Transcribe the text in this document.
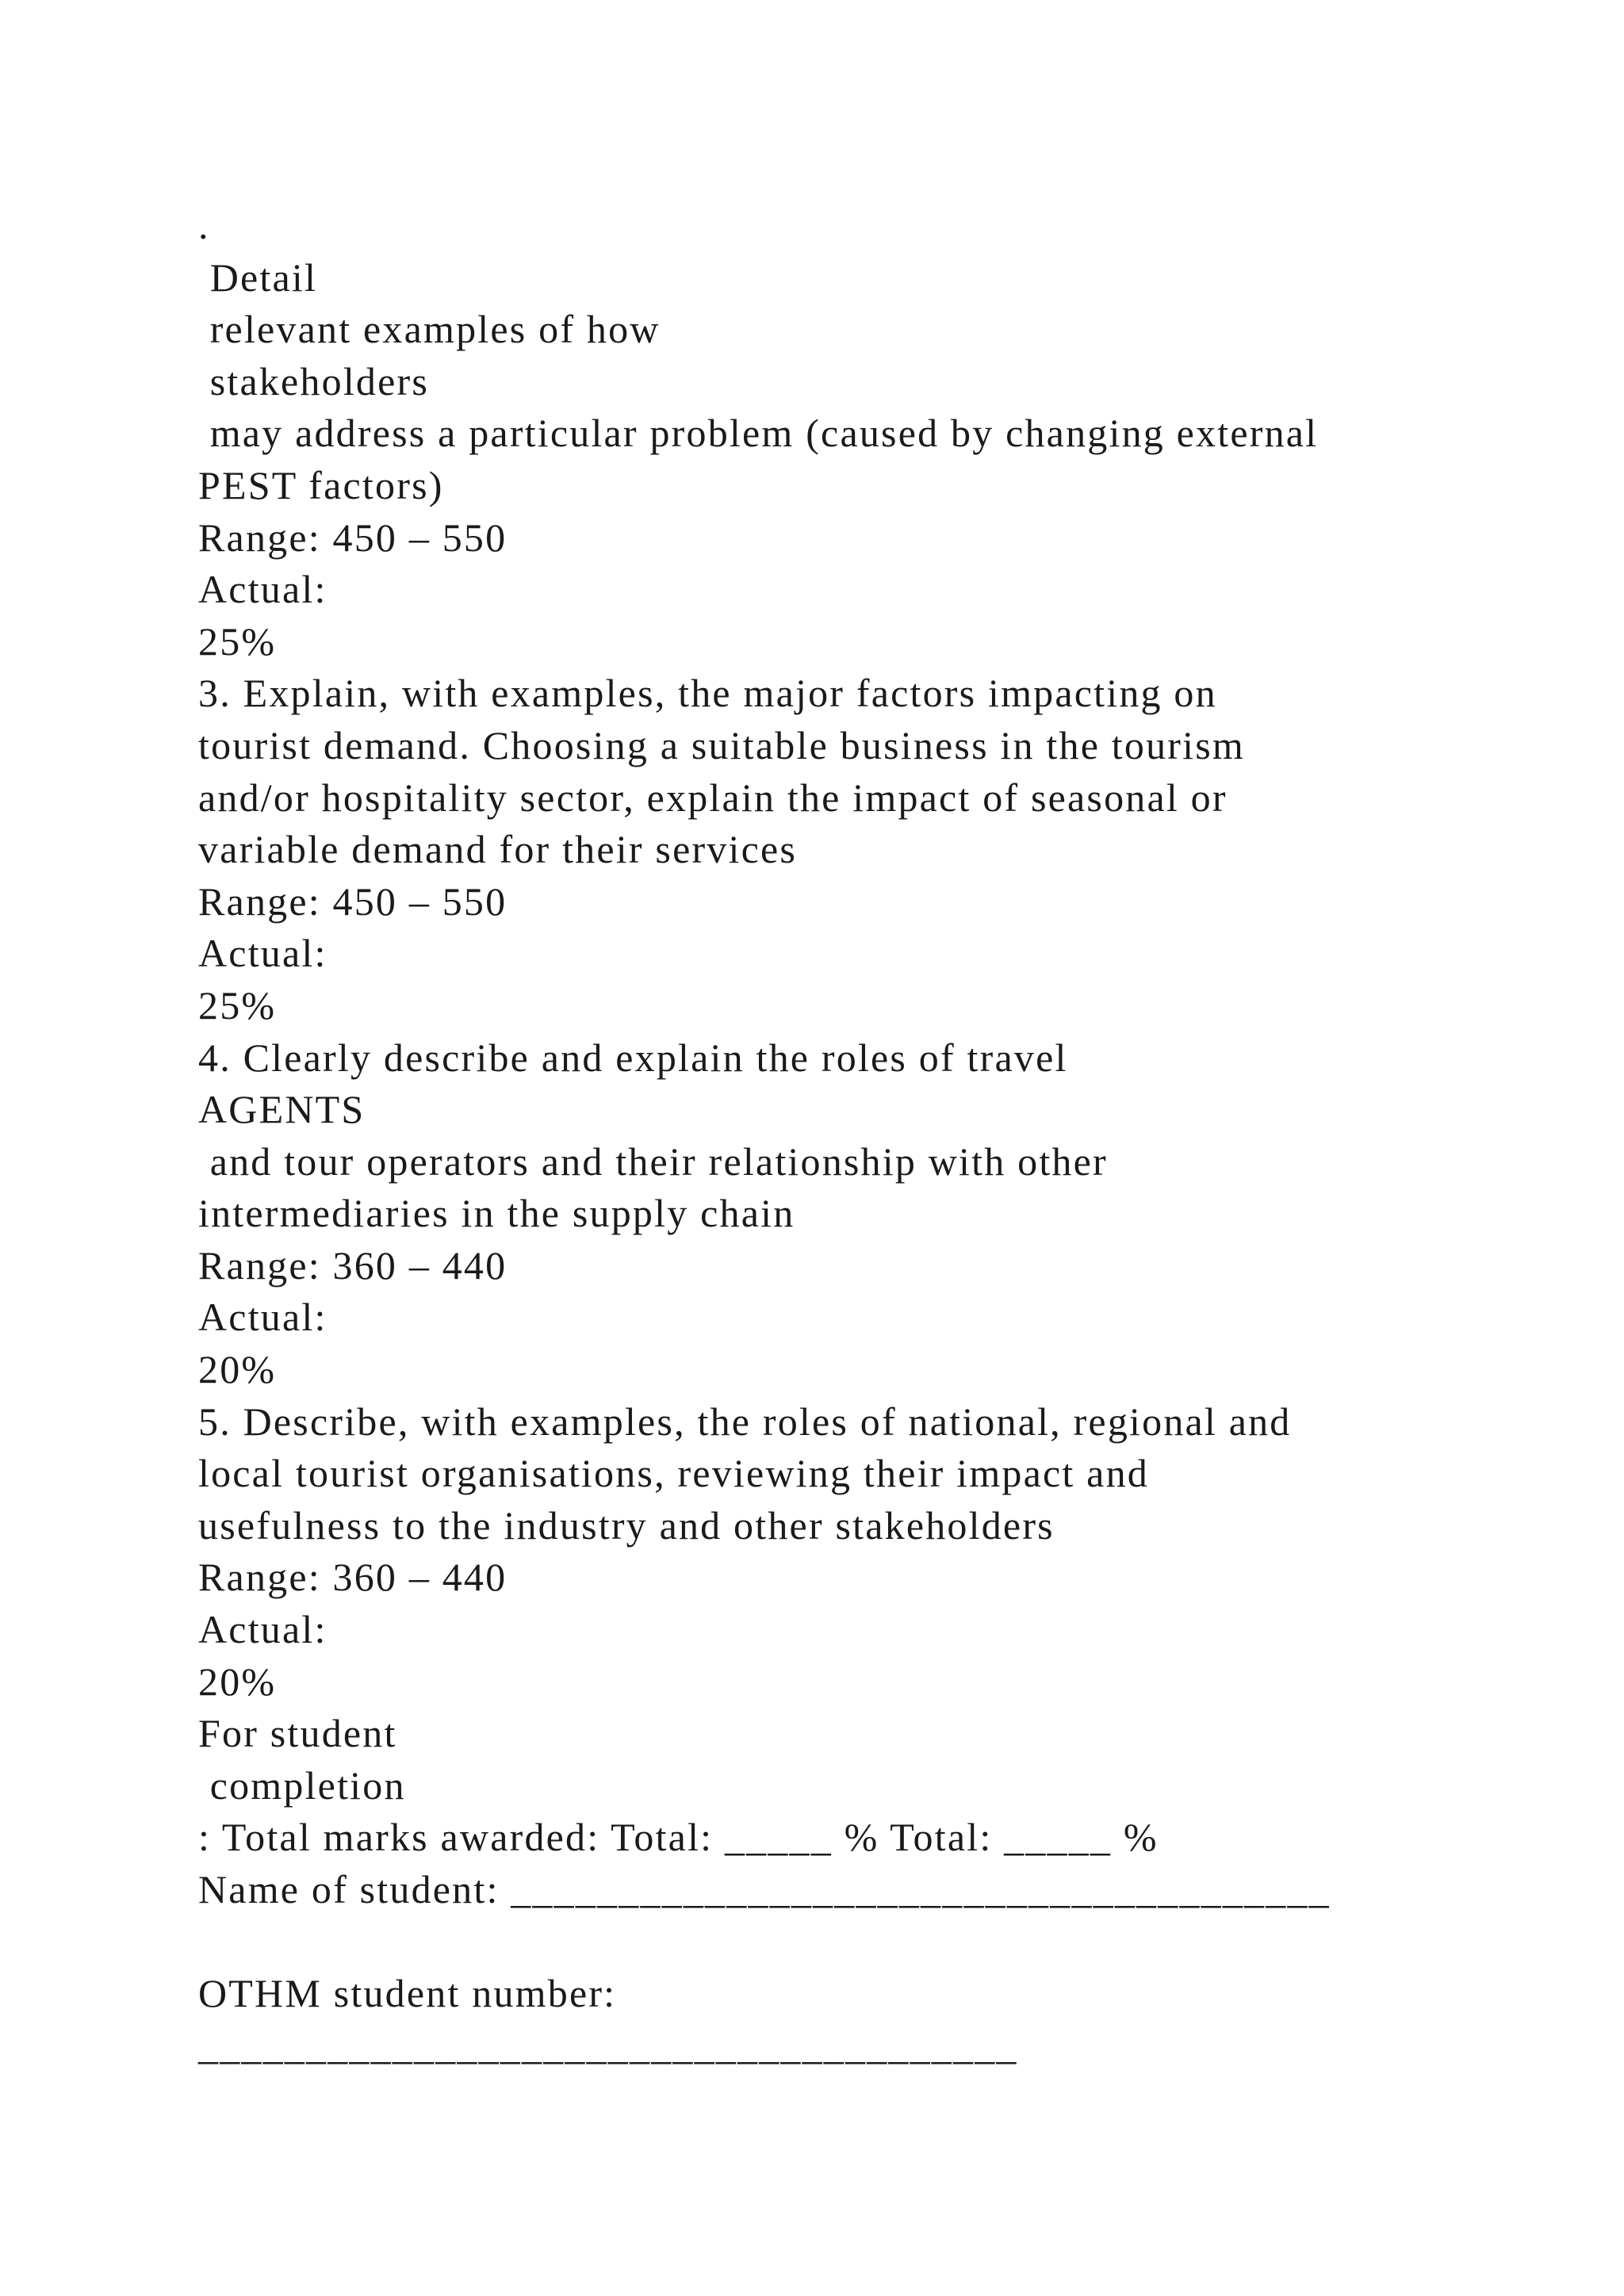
.
Detail
relevant examples of how
stakeholders
may address a particular problem (caused by changing external
PEST factors)
Range: 450 – 550
Actual:
25%
3. Explain, with examples, the major factors impacting on
tourist demand. Choosing a suitable business in the tourism
and/or hospitality sector, explain the impact of seasonal or
variable demand for their services
Range: 450 – 550
Actual:
25%
4. Clearly describe and explain the roles of travel
AGENTS
and tour operators and their relationship with other
intermediaries in the supply chain
Range: 360 – 440
Actual:
20%
5. Describe, with examples, the roles of national, regional and
local tourist organisations, reviewing their impact and
usefulness to the industry and other stakeholders
Range: 360 – 440
Actual:
20%
For student
completion
: Total marks awarded: Total: _____ % Total: _____ %
Name of student: ______________________________________
OTHM student number:
______________________________________
